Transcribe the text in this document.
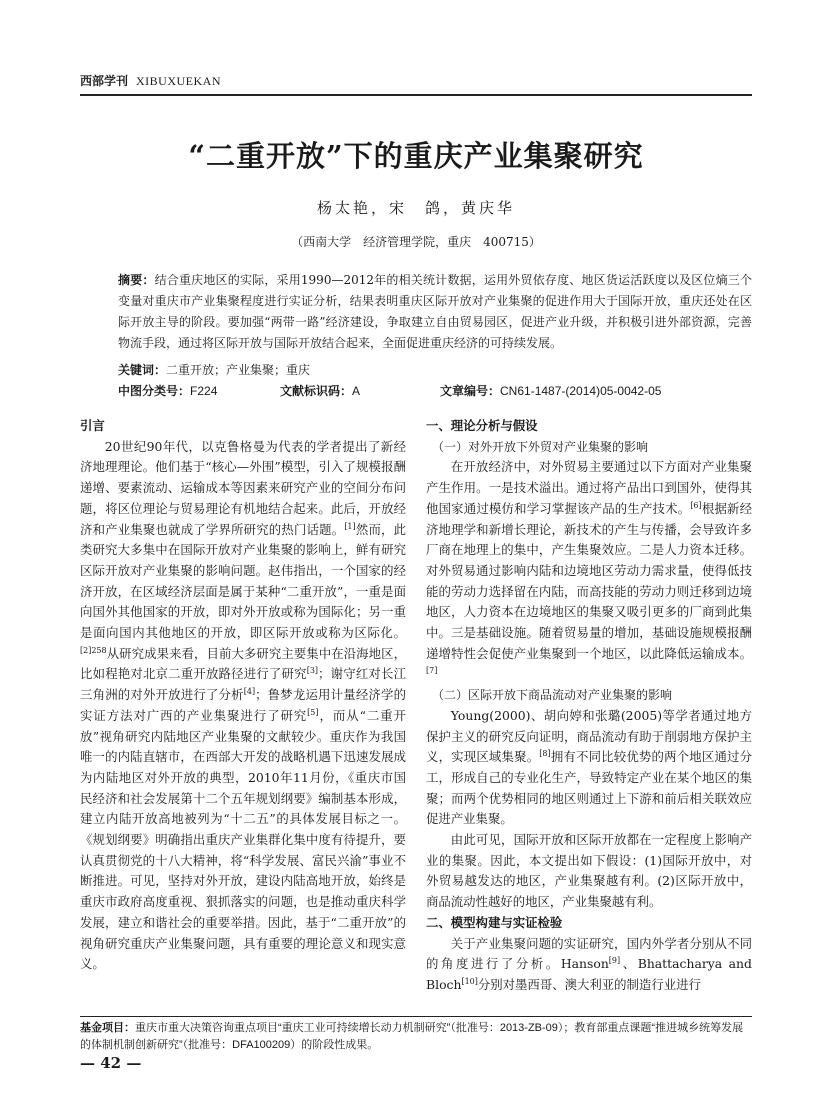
西部学刊 XIBUXUEKAN
“二重开放”下的重庆产业集聚研究
杨太艳，宋　鸽，黄庆华
（西南大学　经济管理学院，重庆　400715）
摘要：结合重庆地区的实际，采用1990—2012年的相关统计数据，运用外贸依存度、地区货运活跃度以及区位熵三个变量对重庆市产业集聚程度进行实证分析，结果表明重庆区际开放对产业集聚的促进作用大于国际开放，重庆还处在区际开放主导的阶段。要加强“两带一路”经济建设，争取建立自由贸易园区，促进产业升级，并积极引进外部资源，完善物流手段，通过将区际开放与国际开放结合起来，全面促进重庆经济的可持续发展。
关键词：二重开放；产业集聚；重庆
中图分类号：F224	文献标识码：A	文章编号：CN61-1487-(2014)05-0042-05
引言

20世纪90年代，以克鲁格曼为代表的学者提出了新经济地理理论。他们基于“核心—外围”模型，引入了规模报酬递增、要素流动、运输成本等因素来研究产业的空间分布问题，将区位理论与贸易理论有机地结合起来。此后，开放经济和产业集聚也就成了学界所研究的热门话题。[1]然而，此类研究大多集中在国际开放对产业集聚的影响上，鲜有研究区际开放对产业集聚的影响问题。赵伟指出，一个国家的经济开放，在区域经济层面是属于某种“二重开放”，一重是面向国外其他国家的开放，即对外开放或称为国际化；另一重是面向国内其他地区的开放，即区际开放或称为区际化。$^{[2]258}$从研究成果来看，目前大多研究主要集中在沿海地区，比如程艳对北京二重开放路径进行了研究[3]；谢守红对长江三角洲的对外开放进行了分析[4]；鲁梦龙运用计量经济学的实证方法对广西的产业集聚进行了研究[5]，而从“二重开放”视角研究内陆地区产业集聚的文献较少。重庆作为我国唯一的内陆直辖市，在西部大开发的战略机遇下迅速发展成为内陆地区对外开放的典型，2010年11月份，《重庆市国民经济和社会发展第十二个五年规划纲要》编制基本形成，建立内陆开放高地被列为“十二五”的具体发展目标之一。《规划纲要》明确指出重庆产业集群化集中度有待提升，要认真贯彻党的十八大精神，将“科学发展、富民兴渝”事业不断推进。可见，坚持对外开放，建设内陆高地开放，始终是重庆市政府高度重视、狠抓落实的问题，也是推动重庆科学发展，建立和谐社会的重要举措。因此，基于“二重开放”的视角研究重庆产业集聚问题，具有重要的理论意义和现实意义。

一、理论分析与假设
（一）对外开放下外贸对产业集聚的影响

在开放经济中，对外贸易主要通过以下方面对产业集聚产生作用。一是技术溢出。通过将产品出口到国外，使得其他国家通过模仿和学习掌握该产品的生产技术。[6]根据新经济地理学和新增长理论，新技术的产生与传播，会导致许多厂商在地理上的集中，产生集聚效应。二是人力资本迁移。对外贸易通过影响内陆和边境地区劳动力需求量，使得低技能的劳动力选择留在内陆，而高技能的劳动力则迁移到边境地区，人力资本在边境地区的集聚又吸引更多的厂商到此集中。三是基础设施。随着贸易量的增加，基础设施规模报酬递增特性会促使产业集聚到一个地区，以此降低运输成本。[7]

（二）区际开放下商品流动对产业集聚的影响

Young(2000)、胡向婷和张璐(2005)等学者通过地方保护主义的研究反向证明，商品流动有助于削弱地方保护主义，实现区域集聚。[8]拥有不同比较优势的两个地区通过分工，形成自己的专业化生产，导致特定产业在某个地区的集聚；而两个优势相同的地区则通过上下游和前后相关联效应促进产业集聚。

由此可见，国际开放和区际开放都在一定程度上影响产业的集聚。因此，本文提出如下假设：(1)国际开放中，对外贸易越发达的地区，产业集聚越有利。(2)区际开放中，商品流动性越好的地区，产业集聚越有利。

二、模型构建与实证检验

关于产业集聚问题的实证研究，国内外学者分别从不同的角度进行了分析。Hanson[9]、Bhattacharya and Bloch[10]分别对墨西哥、澳大利亚的制造行业进行

基金项目：重庆市重大决策咨询重点项目“重庆工业可持续增长动力机制研究”（批准号：2013-ZB-09）；教育部重点课题“推进城乡统筹发展的体制机制创新研究”（批准号：DFA100209）的阶段性成果。
— 42 —
